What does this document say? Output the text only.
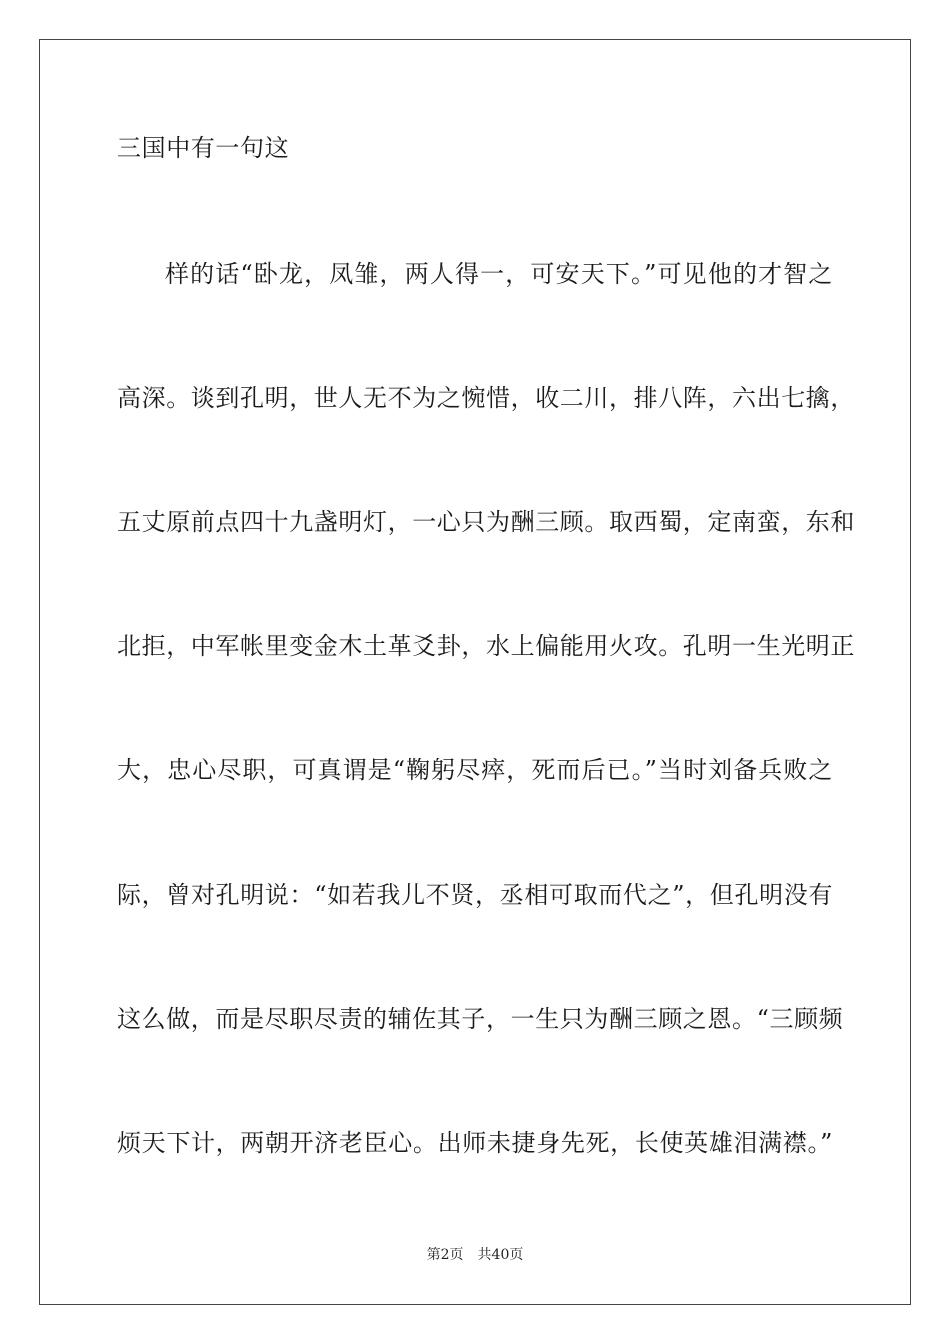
三国中有一句这
样的话“卧龙，凤雏，两人得一，可安天下。”可见他的才智之
高深。谈到孔明，世人无不为之惋惜，收二川，排八阵，六出七擒，
五丈原前点四十九盏明灯，一心只为酬三顾。取西蜀，定南蛮，东和
北拒，中军帐里变金木土革爻卦，水上偏能用火攻。孔明一生光明正
大，忠心尽职，可真谓是“鞠躬尽瘁，死而后已。”当时刘备兵败之
际，曾对孔明说：“如若我儿不贤，丞相可取而代之”，但孔明没有
这么做，而是尽职尽责的辅佐其子，一生只为酬三顾之恩。“三顾频
烦天下计，两朝开济老臣心。出师未捷身先死，长使英雄泪满襟。”
第2页 共40页
